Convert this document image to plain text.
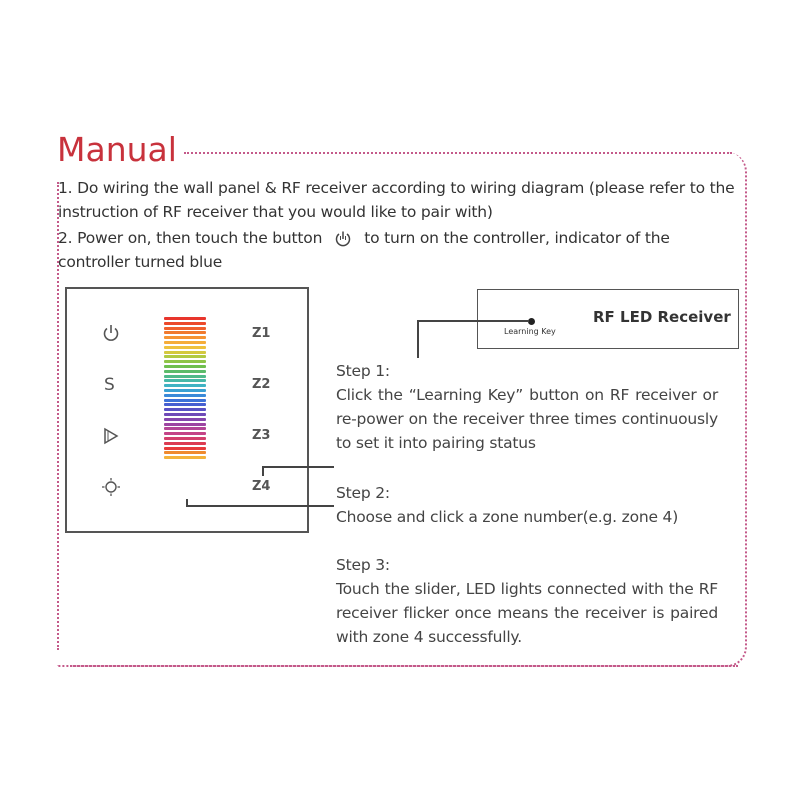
Manual
1. Do wiring the wall panel & RF receiver according to wiring diagram (please refer to the instruction of RF receiver that you would like to pair with)
2. Power on, then touch the button	to turn on the controller, indicator of the controller turned blue
S
Z1
Z2
Z3
Z4
RF LED Receiver
Learning Key
Step 1:
Click the “Learning Key” button on RF receiver or re-power on the receiver three times continuously to set it into pairing status
Step 2:
Choose and click a zone number(e.g. zone 4)
Step 3:
Touch the slider, LED lights connected with the RF receiver flicker once means the receiver is paired with zone 4 successfully.
